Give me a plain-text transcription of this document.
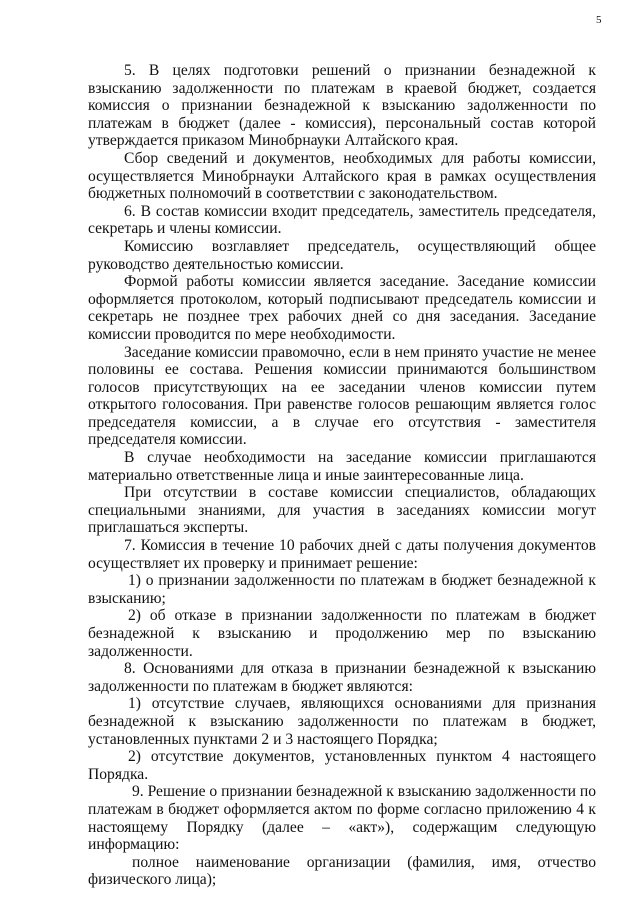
5

5. В целях подготовки решений о признании безнадежной к взысканию задолженности по платежам в краевой бюджет, создается комиссия о признании безнадежной к взысканию задолженности по платежам в бюджет (далее - комиссия), персональный состав которой утверждается приказом Минобрнауки Алтайского края.

Сбор сведений и документов, необходимых для работы комиссии, осуществляется Минобрнауки Алтайского края в рамках осуществления бюджетных полномочий в соответствии с законодательством.

6. В состав комиссии входит председатель, заместитель председателя, секретарь и члены комиссии.

Комиссию возглавляет председатель, осуществляющий общее руководство деятельностью комиссии.

Формой работы комиссии является заседание. Заседание комиссии оформляется протоколом, который подписывают председатель комиссии и секретарь не позднее трех рабочих дней со дня заседания. Заседание комиссии проводится по мере необходимости.

Заседание комиссии правомочно, если в нем принято участие не менее половины ее состава. Решения комиссии принимаются большинством голосов присутствующих на ее заседании членов комиссии путем открытого голосования. При равенстве голосов решающим является голос председателя комиссии, а в случае его отсутствия - заместителя председателя комиссии.

В случае необходимости на заседание комиссии приглашаются материально ответственные лица и иные заинтересованные лица.

При отсутствии в составе комиссии специалистов, обладающих специальными знаниями, для участия в заседаниях комиссии могут приглашаться эксперты.

7. Комиссия в течение 10 рабочих дней с даты получения документов осуществляет их проверку и принимает решение:

1) о признании задолженности по платежам в бюджет безнадежной к взысканию;

2) об отказе в признании задолженности по платежам в бюджет безнадежной к взысканию и продолжению мер по взысканию задолженности.

8. Основаниями для отказа в признании безнадежной к взысканию задолженности по платежам в бюджет являются:

1) отсутствие случаев, являющихся основаниями для признания безнадежной к взысканию задолженности по платежам в бюджет, установленных пунктами 2 и 3 настоящего Порядка;

2) отсутствие документов, установленных пунктом 4 настоящего Порядка.

9. Решение о признании безнадежной к взысканию задолженности по платежам в бюджет оформляется актом по форме согласно приложению 4 к настоящему Порядку (далее – «акт»), содержащим следующую информацию:

полное наименование организации (фамилия, имя, отчество физического лица);
